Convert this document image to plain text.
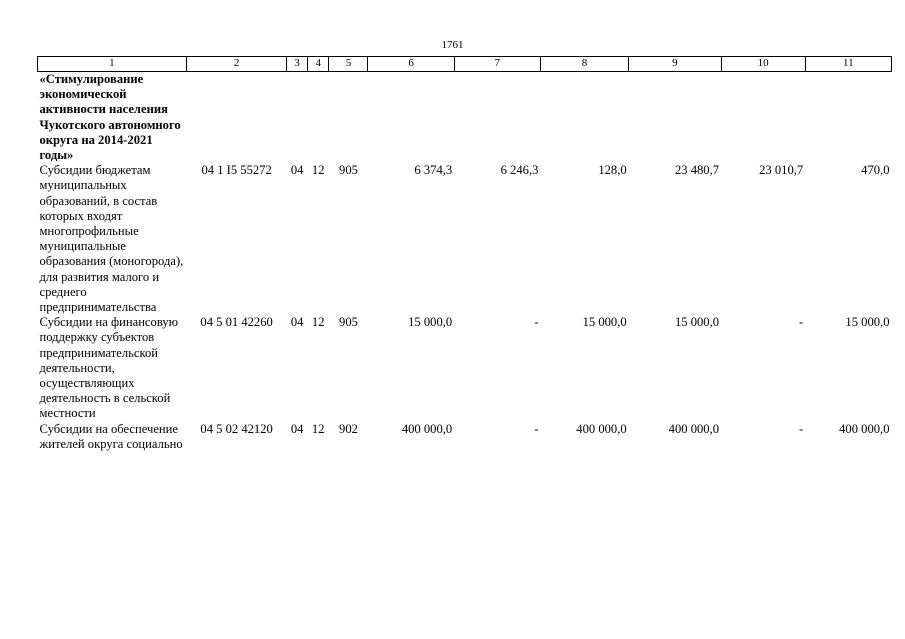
1761
1	2	3	4	5	6	7	8	9	10	11
«Стимулирование экономической активности населения Чукотского автономного округа на 2014-2021 годы»										
Субсидии бюджетам муниципальных образований, в состав которых входят многопрофильные муниципальные образования (моногорода), для развития малого и среднего предпринимательства	04 1 I5 55272	04	12	905	6 374,3	6 246,3	128,0	23 480,7	23 010,7	470,0
Субсидии на финансовую поддержку субъектов предпринимательской деятельности, осуществляющих деятельность в сельской местности	04 5 01 42260	04	12	905	15 000,0	-	15 000,0	15 000,0	-	15 000,0
Субсидии на обеспечение жителей округа социально	04 5 02 42120	04	12	902	400 000,0	-	400 000,0	400 000,0	-	400 000,0
